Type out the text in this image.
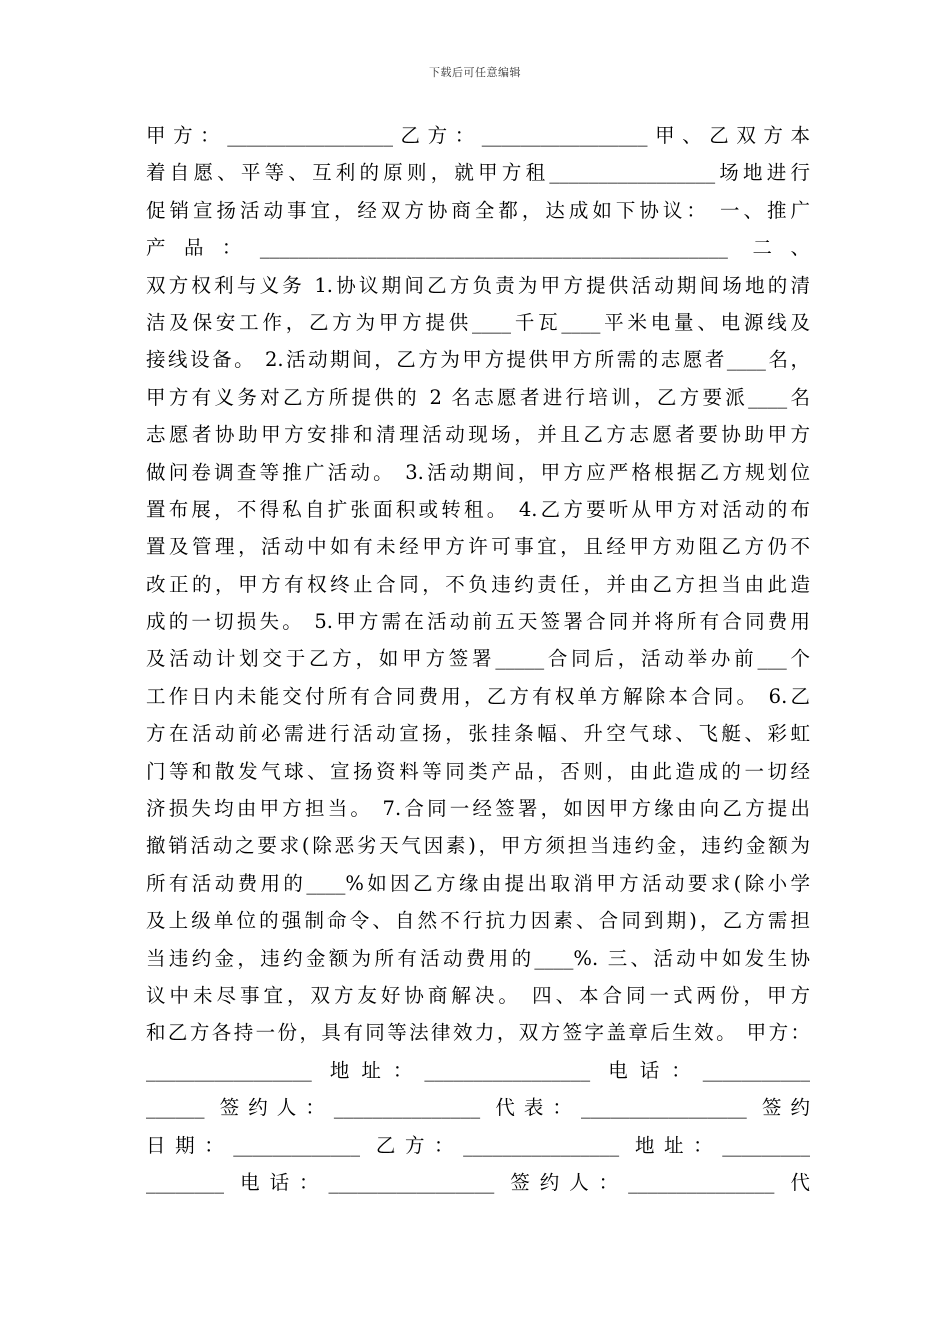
下载后可任意编辑
甲方：_________________乙方：_________________甲、乙双方本
着自愿、平等、互利的原则，就甲方租_________________场地进行
促销宣扬活动事宜，经双方协商全都，达成如下协议： 一、推广
产品：________________________________________________ 二、
双方权利与义务 1.协议期间乙方负责为甲方提供活动期间场地的清
洁及保安工作，乙方为甲方提供____千瓦____平米电量、电源线及
接线设备。 2.活动期间，乙方为甲方提供甲方所需的志愿者____名，
甲方有义务对乙方所提供的 2 名志愿者进行培训，乙方要派____名
志愿者协助甲方安排和清理活动现场，并且乙方志愿者要协助甲方
做问卷调查等推广活动。 3.活动期间，甲方应严格根据乙方规划位
置布展，不得私自扩张面积或转租。 4.乙方要听从甲方对活动的布
置及管理，活动中如有未经甲方许可事宜，且经甲方劝阻乙方仍不
改正的，甲方有权终止合同，不负违约责任，并由乙方担当由此造
成的一切损失。 5.甲方需在活动前五天签署合同并将所有合同费用
及活动计划交于乙方，如甲方签署_____合同后，活动举办前___个
工作日内未能交付所有合同费用，乙方有权单方解除本合同。 6.乙
方在活动前必需进行活动宣扬，张挂条幅、升空气球、飞艇、彩虹
门等和散发气球、宣扬资料等同类产品，否则，由此造成的一切经
济损失均由甲方担当。 7.合同一经签署，如因甲方缘由向乙方提出
撤销活动之要求(除恶劣天气因素)，甲方须担当违约金，违约金额为
所有活动费用的____%如因乙方缘由提出取消甲方活动要求(除小学
及上级单位的强制命令、自然不行抗力因素、合同到期)，乙方需担
当违约金，违约金额为所有活动费用的____%. 三、活动中如发生协
议中未尽事宜，双方友好协商解决。 四、本合同一式两份，甲方
和乙方各持一份，具有同等法律效力，双方签字盖章后生效。 甲方：
_________________ 地址：_________________ 电话：___________
______ 签约人：_______________ 代表：_________________ 签约
日期：_____________ 乙方：________________ 地址：_________
________ 电话：_________________ 签约人：_______________ 代
